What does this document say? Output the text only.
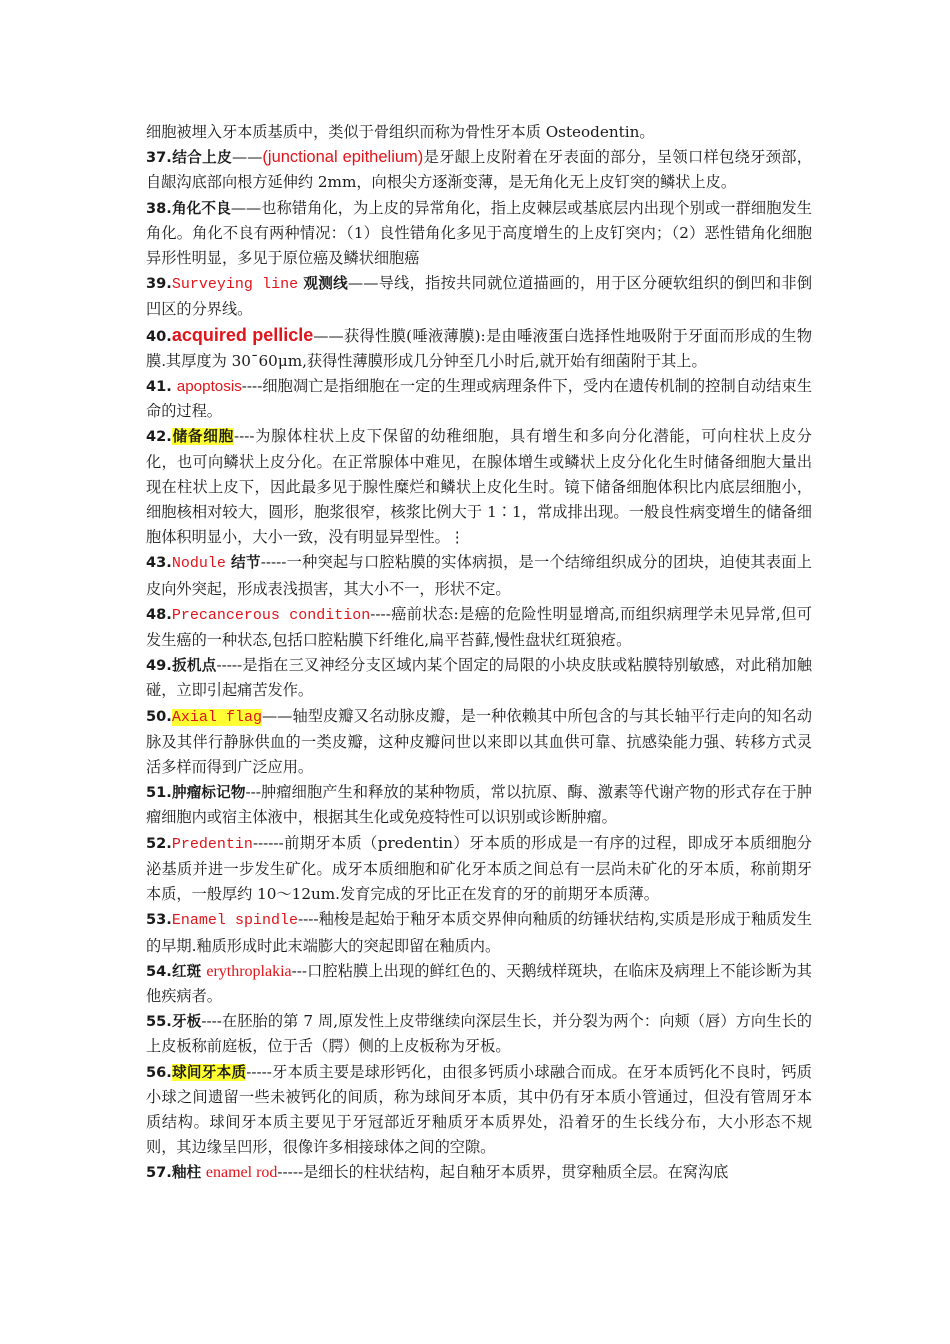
细胞被埋入牙本质基质中，类似于骨组织而称为骨性牙本质 Osteodentin。
37.结合上皮——(junctional epithelium)是牙龈上皮附着在牙表面的部分，呈领口样包绕牙颈部，自龈沟底部向根方延伸约 2mm，向根尖方逐渐变薄，是无角化无上皮钉突的鳞状上皮。
38.角化不良——也称错角化，为上皮的异常角化，指上皮棘层或基底层内出现个别或一群细胞发生角化。角化不良有两种情况：（1）良性错角化多见于高度增生的上皮钉突内；（2）恶性错角化细胞异形性明显，多见于原位癌及鳞状细胞癌
39.Surveying line 观测线——导线，指按共同就位道描画的，用于区分硬软组织的倒凹和非倒凹区的分界线。
40.acquired pellicle——获得性膜(唾液薄膜):是由唾液蛋白选择性地吸附于牙面而形成的生物膜.其厚度为 30¯60μm,获得性薄膜形成几分钟至几小时后,就开始有细菌附于其上。
41. apoptosis----细胞凋亡是指细胞在一定的生理或病理条件下，受内在遗传机制的控制自动结束生命的过程。
42.储备细胞----为腺体柱状上皮下保留的幼稚细胞，具有增生和多向分化潜能，可向柱状上皮分化，也可向鳞状上皮分化。在正常腺体中难见，在腺体增生或鳞状上皮分化化生时储备细胞大量出现在柱状上皮下，因此最多见于腺性糜烂和鳞状上皮化生时。镜下储备细胞体积比内底层细胞小，细胞核相对较大，圆形，胞浆很窄，核浆比例大于 1∶1，常成排出现。一般良性病变增生的储备细胞体积明显小，大小一致，没有明显异型性。⋮
43.Nodule 结节-----一种突起与口腔粘膜的实体病损，是一个结缔组织成分的团块，迫使其表面上皮向外突起，形成表浅损害，其大小不一，形状不定。
48.Precancerous condition----癌前状态:是癌的危险性明显增高,而组织病理学未见异常,但可发生癌的一种状态,包括口腔粘膜下纤维化,扁平苔藓,慢性盘状红斑狼疮。
49.扳机点-----是指在三叉神经分支区域内某个固定的局限的小块皮肤或粘膜特别敏感，对此稍加触碰，立即引起痛苦发作。
50.Axial flag——轴型皮瓣又名动脉皮瓣，是一种依赖其中所包含的与其长轴平行走向的知名动脉及其伴行静脉供血的一类皮瓣，这种皮瓣问世以来即以其血供可靠、抗感染能力强、转移方式灵活多样而得到广泛应用。
51.肿瘤标记物---肿瘤细胞产生和释放的某种物质，常以抗原、酶、激素等代谢产物的形式存在于肿瘤细胞内或宿主体液中，根据其生化或免疫特性可以识别或诊断肿瘤。
52.Predentin------前期牙本质（predentin）牙本质的形成是一有序的过程，即成牙本质细胞分泌基质并进一步发生矿化。成牙本质细胞和矿化牙本质之间总有一层尚未矿化的牙本质，称前期牙本质，一般厚约 10～12um.发育完成的牙比正在发育的牙的前期牙本质薄。
53.Enamel spindle----釉梭是起始于釉牙本质交界伸向釉质的纺锤状结构,实质是形成于釉质发生的早期.釉质形成时此末端膨大的突起即留在釉质内。
54.红斑 erythroplakia---口腔粘膜上出现的鲜红色的、天鹅绒样斑块，在临床及病理上不能诊断为其他疾病者。
55.牙板----在胚胎的第 7 周,原发性上皮带继续向深层生长，并分裂为两个：向颊（唇）方向生长的上皮板称前庭板，位于舌（腭）侧的上皮板称为牙板。
56.球间牙本质-----牙本质主要是球形钙化，由很多钙质小球融合而成。在牙本质钙化不良时，钙质小球之间遗留一些未被钙化的间质，称为球间牙本质，其中仍有牙本质小管通过，但没有管周牙本质结构。球间牙本质主要见于牙冠部近牙釉质牙本质界处，沿着牙的生长线分布，大小形态不规则，其边缘呈凹形，很像许多相接球体之间的空隙。
57.釉柱 enamel rod-----是细长的柱状结构，起自釉牙本质界，贯穿釉质全层。在窝沟底
